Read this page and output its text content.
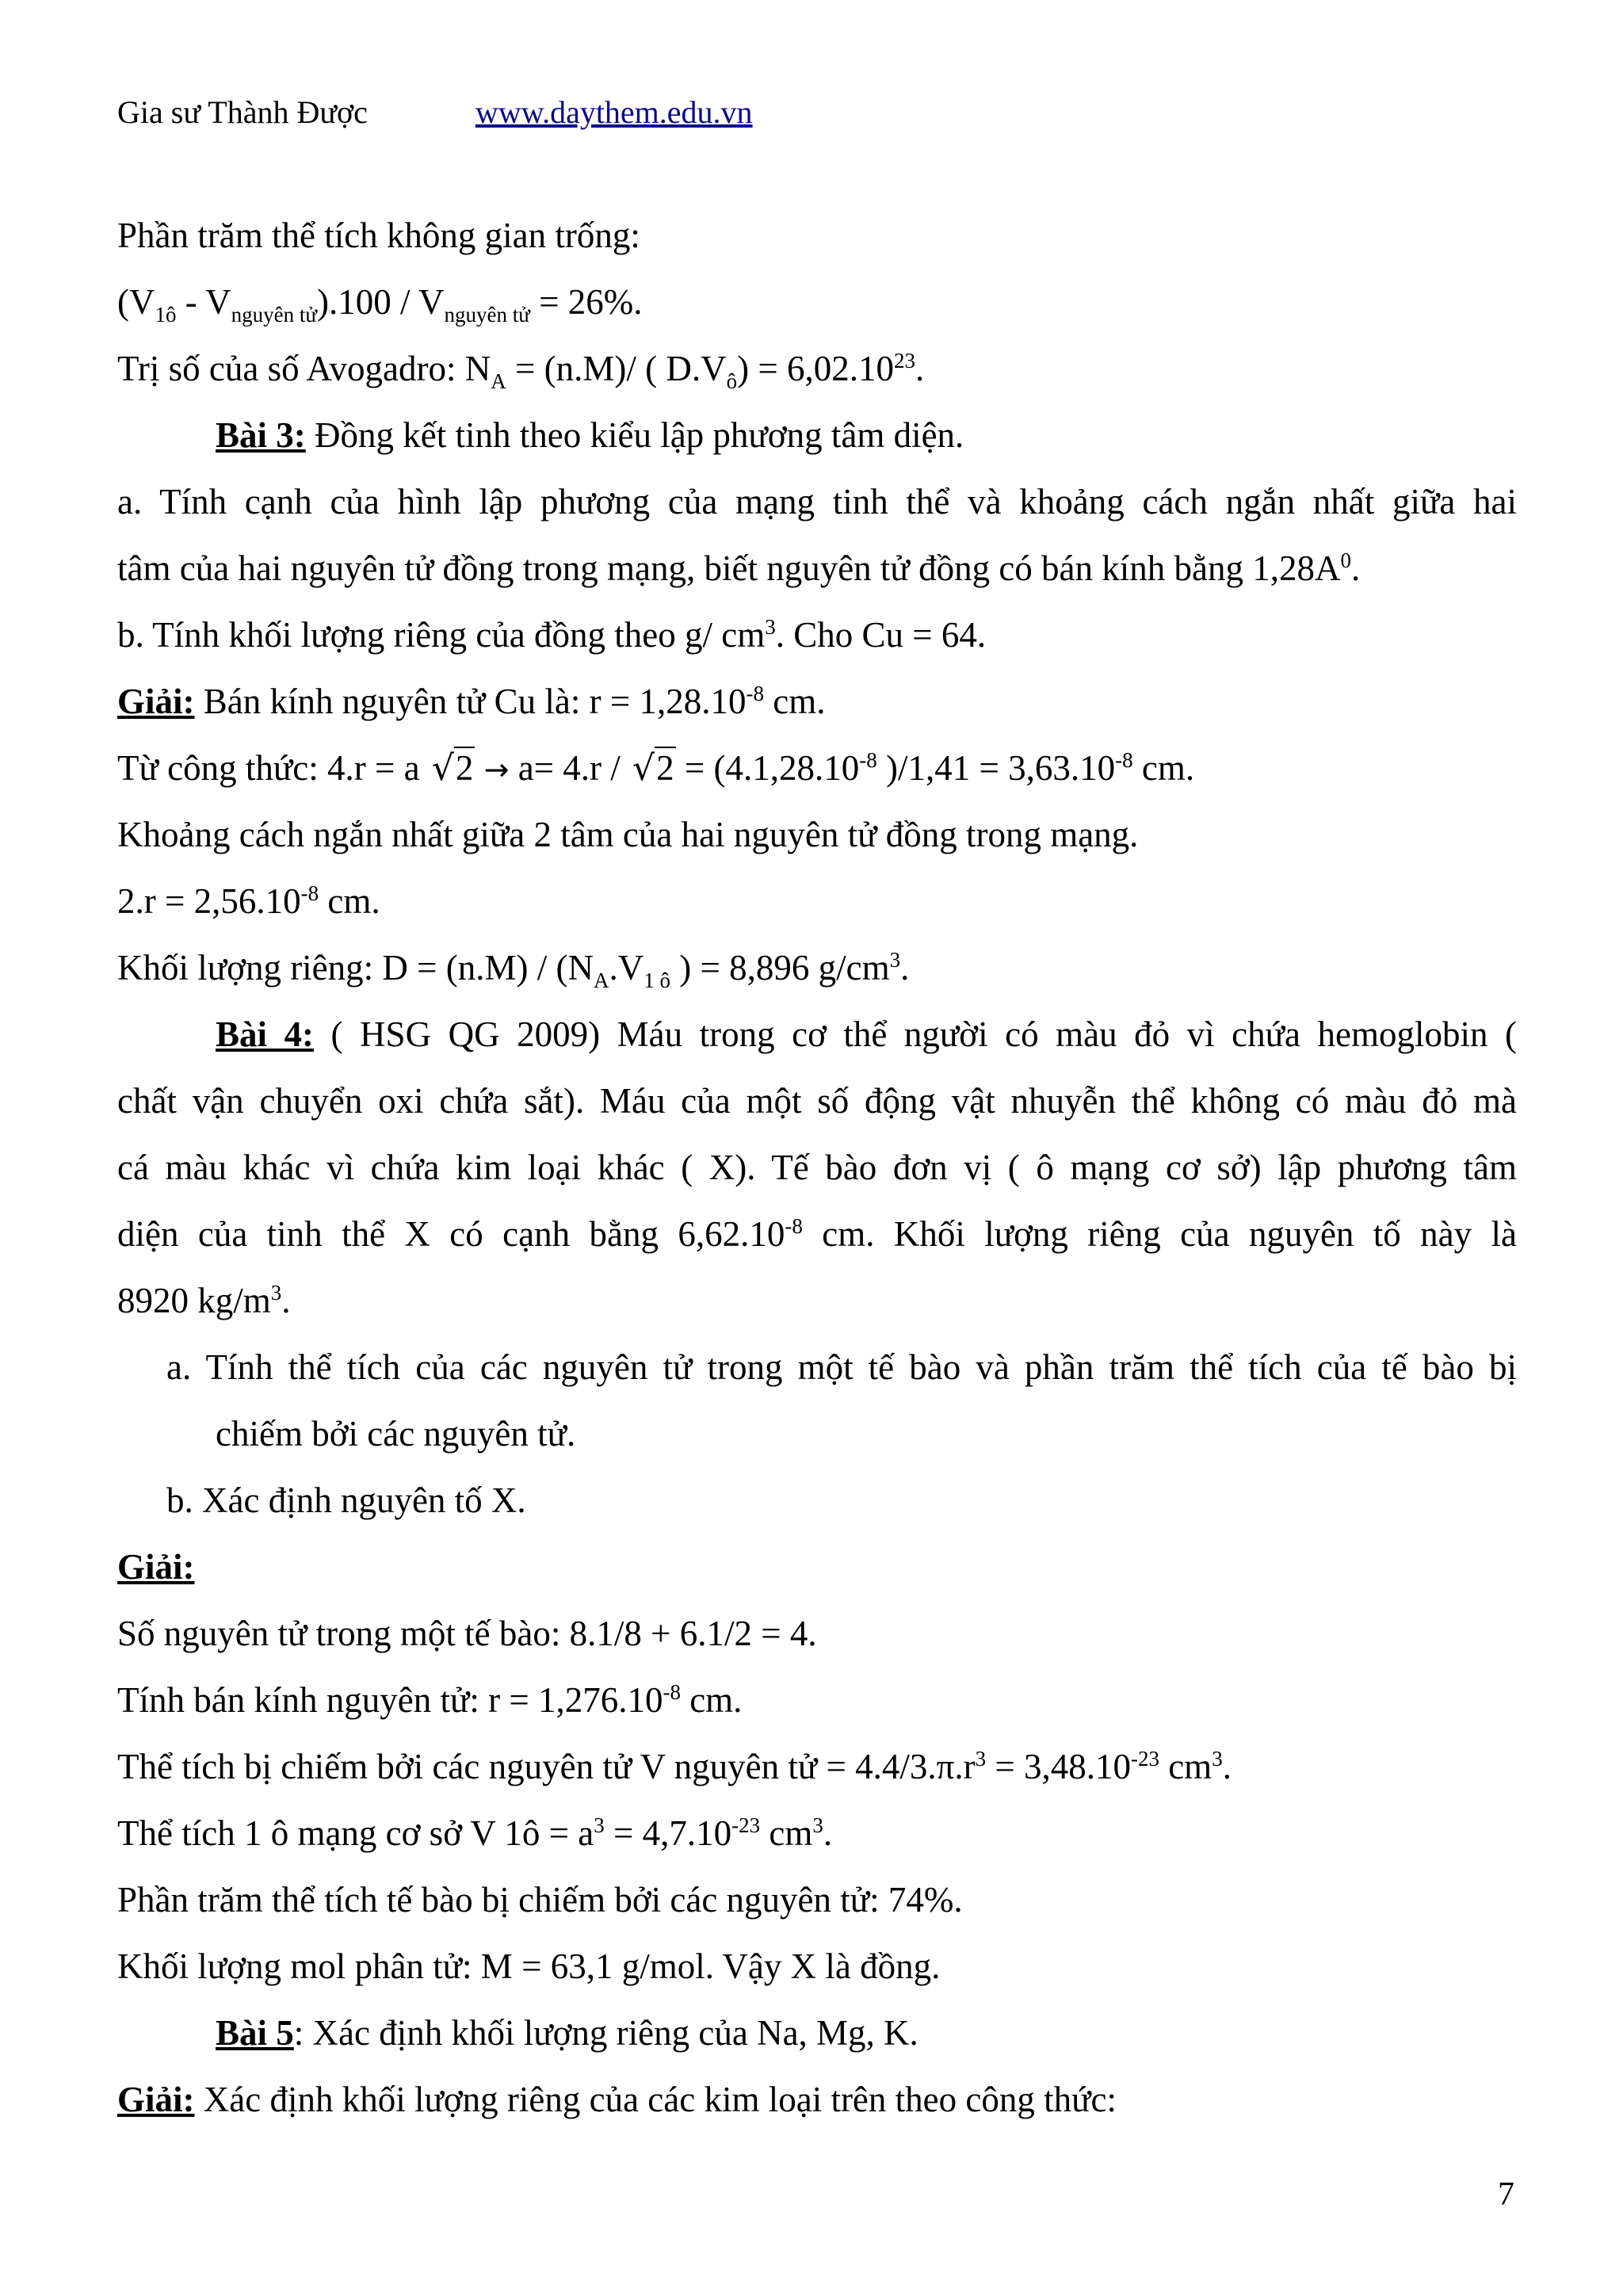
Gia sư Thành Được	www.daythem.edu.vn
Phần trăm thể tích không gian trống:
$(V_{1ô} - V_{nguyên tử}).100 / V_{nguyên tử} = 26\%$.
Trị số của số Avogadro: $N_A = (n.M)/$ ( $D.V_ô) = 6,02.10^{23}$.
Bài 3: Đồng kết tinh theo kiểu lập phương tâm diện.
a. Tính cạnh của hình lập phương của mạng tinh thể và khoảng cách ngắn nhất giữa hai
tâm của hai nguyên tử đồng trong mạng, biết nguyên tử đồng có bán kính bằng $1,28A^0$.
b. Tính khối lượng riêng của đồng theo g/ $cm^3$. Cho Cu = 64.
Giải: Bán kính nguyên tử Cu là: $r = 1,28.10^{-8}$ cm.
Từ công thức: 4.r = a $√2 \to a= 4.r / √2 = (4.1,28.10^{-8}$ )$/1,41 = 3,63.10^{-8}$ cm.
Khoảng cách ngắn nhất giữa 2 tâm của hai nguyên tử đồng trong mạng.
$2.r = 2,56.10^{-8}$ cm.
Khối lượng riêng: $D = (n.M) / (N_A.V_{1 ô}$ ) = 8,896 $g/cm^3$.
Bài 4: ( HSG QG 2009) Máu trong cơ thể người có màu đỏ vì chứa hemoglobin (
chất vận chuyển oxi chứa sắt). Máu của một số động vật nhuyễn thể không có màu đỏ mà
cá màu khác vì chứa kim loại khác ( X). Tế bào đơn vị ( ô mạng cơ sở) lập phương tâm
diện của tinh thể X có cạnh bằng $6,62.10^{-8}$ cm. Khối lượng riêng của nguyên tố này là
8920 $kg/m^3$.
a. Tính thể tích của các nguyên tử trong một tế bào và phần trăm thể tích của tế bào bị
chiếm bởi các nguyên tử.
b. Xác định nguyên tố X.
Giải:
Số nguyên tử trong một tế bào: 8.1/8 + 6.1/2 = 4.
Tính bán kính nguyên tử: $r = 1,276.10^{-8}$ cm.
Thể tích bị chiếm bởi các nguyên tử V nguyên tử = $4.4/3.\pi.r^3 = 3,48.10^{-23}$ $cm^3$.
Thể tích 1 ô mạng cơ sở V 1ô = $a^3 = 4,7.10^{-23}$ $cm^3$.
Phần trăm thể tích tế bào bị chiếm bởi các nguyên tử: 74%.
Khối lượng mol phân tử: M = 63,1 g/mol. Vậy X là đồng.
Bài 5: Xác định khối lượng riêng của Na, Mg, K.
Giải: Xác định khối lượng riêng của các kim loại trên theo công thức:
7
